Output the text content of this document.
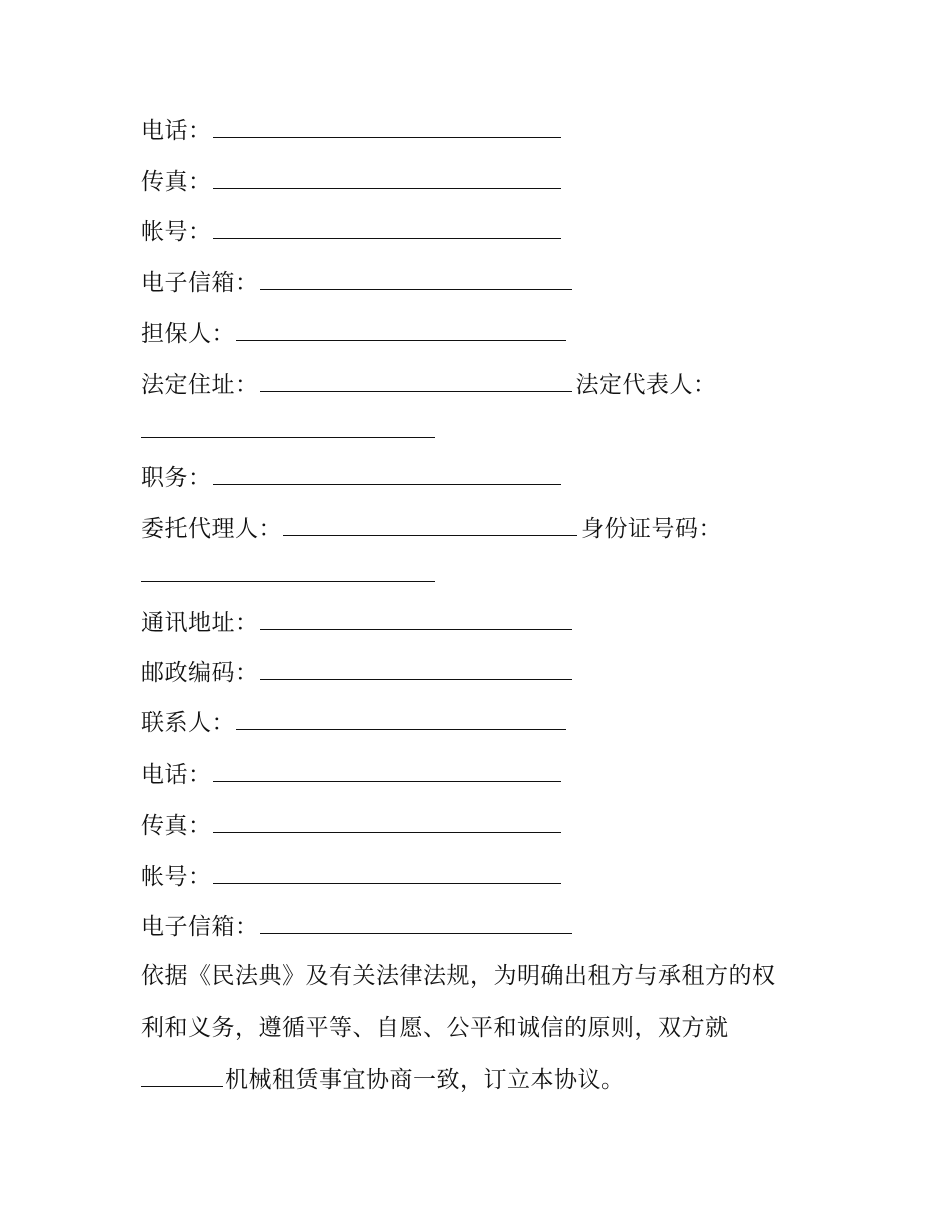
电话：
传真：
帐号：
电子信箱：
担保人：
法定住址：	法定代表人：
职务：
委托代理人：	身份证号码：
通讯地址：
邮政编码：
联系人：
电话：
传真：
帐号：
电子信箱：
依据《民法典》及有关法律法规，为明确出租方与承租方的权
利和义务，遵循平等、自愿、公平和诚信的原则，双方就
机械租赁事宜协商一致，订立本协议。
